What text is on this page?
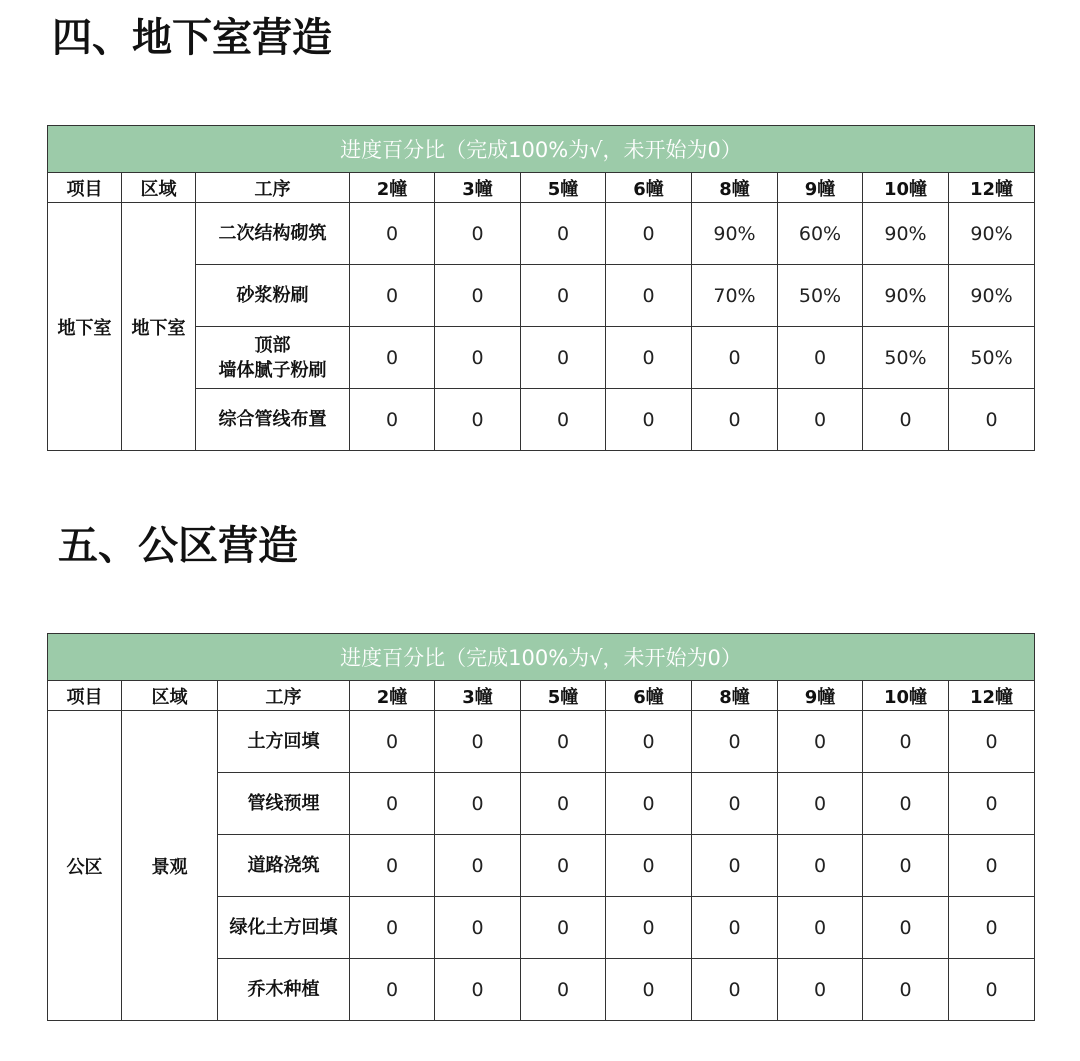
四、地下室营造
进度百分比（完成100%为√，未开始为0）										
项目	区域	工序	2幢	3幢	5幢	6幢	8幢	9幢	10幢	12幢
地下室	地下室	二次结构砌筑	0	0	0	0	90%	60%	90%	90%

		砂浆粉刷	0	0	0	0	70%	50%	90%	90%

		顶部
墙体腻子粉刷	0	0	0	0	0	0	50%	50%

		综合管线布置	0	0	0	0	0	0	0	0
五、公区营造
进度百分比（完成100%为√，未开始为0）										
项目	区域	工序	2幢	3幢	5幢	6幢	8幢	9幢	10幢	12幢
公区	景观	土方回填	0	0	0	0	0	0	0	0

		管线预埋	0	0	0	0	0	0	0	0

		道路浇筑	0	0	0	0	0	0	0	0

		绿化土方回填	0	0	0	0	0	0	0	0

		乔木种植	0	0	0	0	0	0	0	0
